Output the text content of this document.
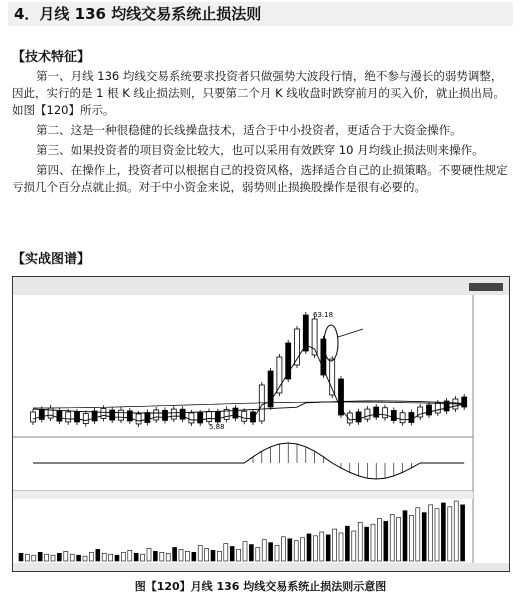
4．月线 136 均线交易系统止损法则
【技术特征】

第一、月线 136 均线交易系统要求投资者只做强势大波段行情，绝不参与漫长的弱势调整，因此，实行的是 1 根 K 线止损法则，只要第二个月 K 线收盘时跌穿前月的买入价，就止损出局。如图【120】所示。

第二、这是一种很稳健的长线操盘技术，适合于中小投资者，更适合于大资金操作。

第三、如果投资者的项目资金比较大，也可以采用有效跌穿 10 月均线止损法则来操作。

第四、在操作上，投资者可以根据自己的投资风格，选择适合自己的止损策略。不要硬性规定亏损几个百分点就止损。对于中小资金来说，弱势则止损换股操作是很有必要的。

【实战图谱】
63.18
5.88
图【120】月线 136 均线交易系统止损法则示意图
